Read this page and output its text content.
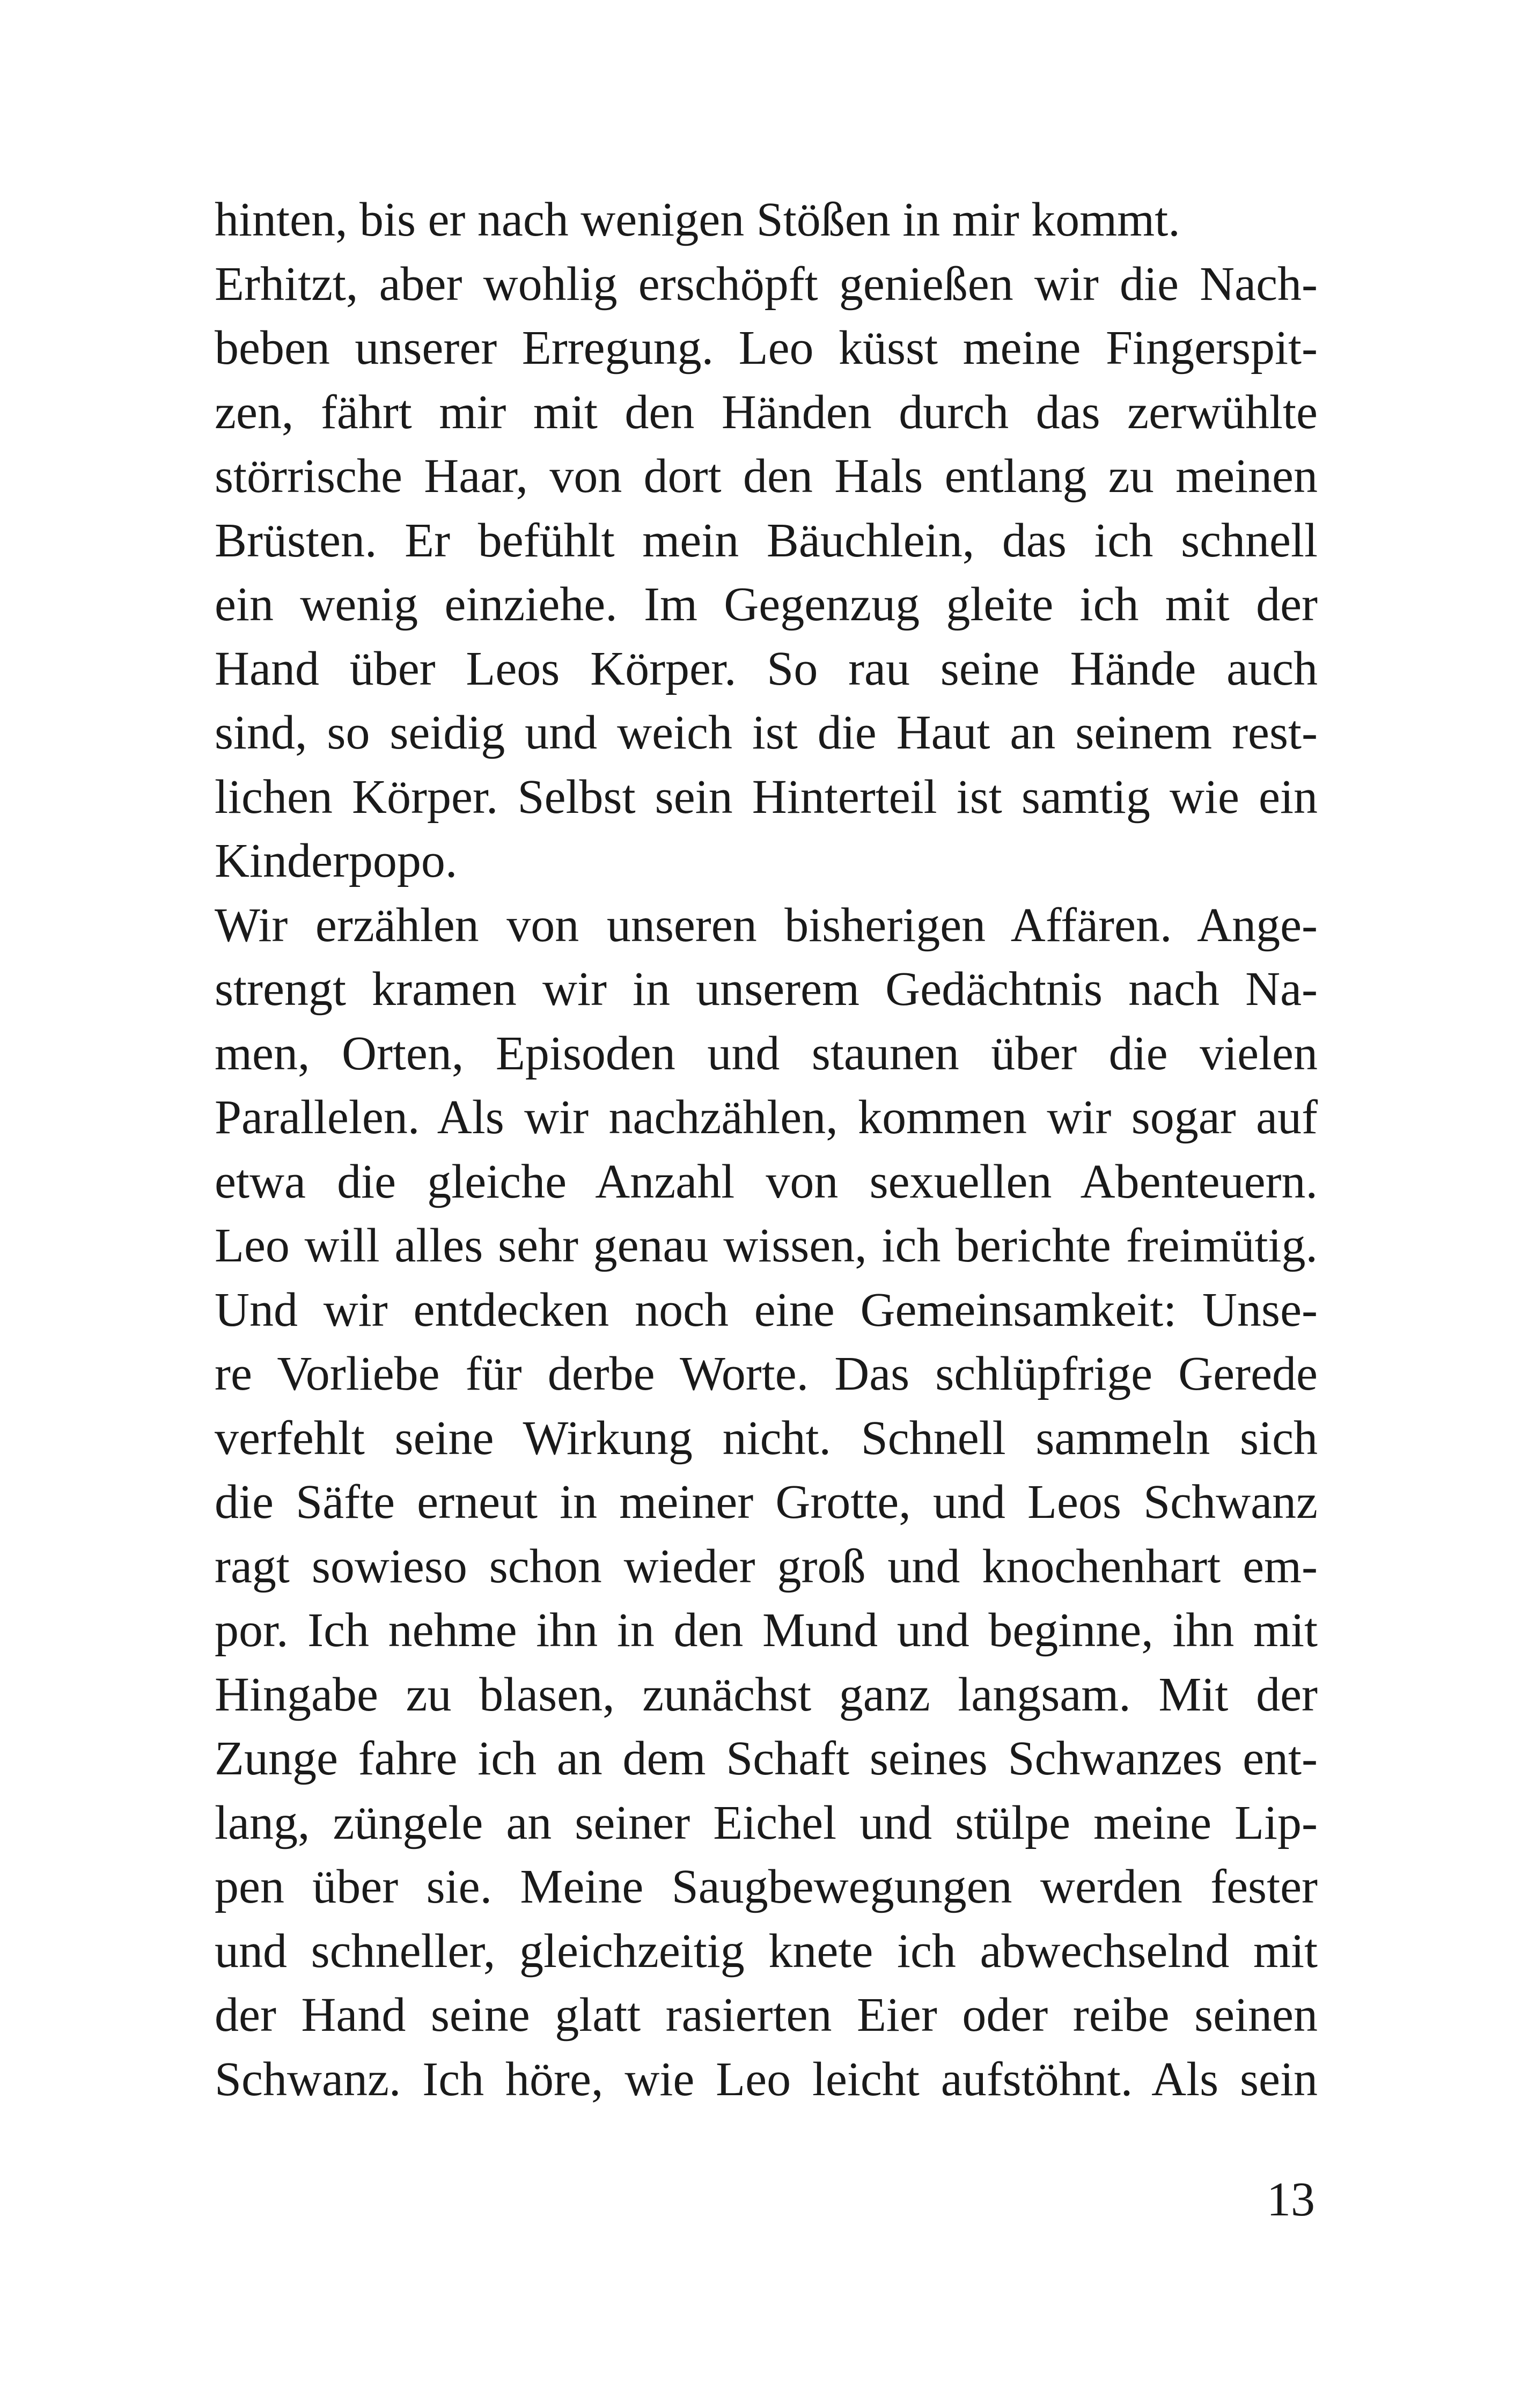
hinten, bis er nach wenigen Stößen in mir kommt.
Erhitzt, aber wohlig erschöpft genießen wir die Nach-
beben unserer Erregung. Leo küsst meine Fingerspit-
zen, fährt mir mit den Händen durch das zerwühlte
störrische Haar, von dort den Hals entlang zu meinen
Brüsten. Er befühlt mein Bäuchlein, das ich schnell
ein wenig einziehe. Im Gegenzug gleite ich mit der
Hand über Leos Körper. So rau seine Hände auch
sind, so seidig und weich ist die Haut an seinem rest-
lichen Körper. Selbst sein Hinterteil ist samtig wie ein
Kinderpopo.
Wir erzählen von unseren bisherigen Affären. Ange-
strengt kramen wir in unserem Gedächtnis nach Na-
men, Orten, Episoden und staunen über die vielen
Parallelen. Als wir nachzählen, kommen wir sogar auf
etwa die gleiche Anzahl von sexuellen Abenteuern.
Leo will alles sehr genau wissen, ich berichte freimütig.
Und wir entdecken noch eine Gemeinsamkeit: Unse-
re Vorliebe für derbe Worte. Das schlüpfrige Gerede
verfehlt seine Wirkung nicht. Schnell sammeln sich
die Säfte erneut in meiner Grotte, und Leos Schwanz
ragt sowieso schon wieder groß und knochenhart em-
por. Ich nehme ihn in den Mund und beginne, ihn mit
Hingabe zu blasen, zunächst ganz langsam. Mit der
Zunge fahre ich an dem Schaft seines Schwanzes ent-
lang, züngele an seiner Eichel und stülpe meine Lip-
pen über sie. Meine Saugbewegungen werden fester
und schneller, gleichzeitig knete ich abwechselnd mit
der Hand seine glatt rasierten Eier oder reibe seinen
Schwanz. Ich höre, wie Leo leicht aufstöhnt. Als sein
13
